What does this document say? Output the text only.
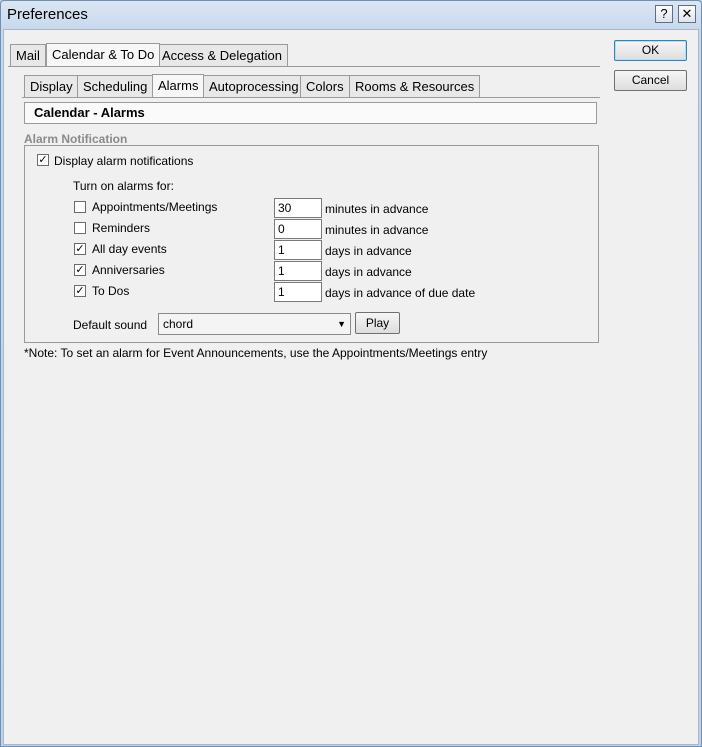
Preferences	?	✕
OK
Cancel
Mail Calendar & To Do Access & Delegation
Display Scheduling Alarms Autoprocessing Colors Rooms & Resources
Calendar - Alarms
Alarm Notification
✓ Display alarm notifications
Turn on alarms for:
Appointments/Meetings	30	minutes in advance
Reminders	0	minutes in advance
✓ All day events	1	days in advance
✓ Anniversaries	1	days in advance
✓ To Dos	1	days in advance of due date
Default sound	chord	▼	Play
*Note: To set an alarm for Event Announcements, use the Appointments/Meetings entry
